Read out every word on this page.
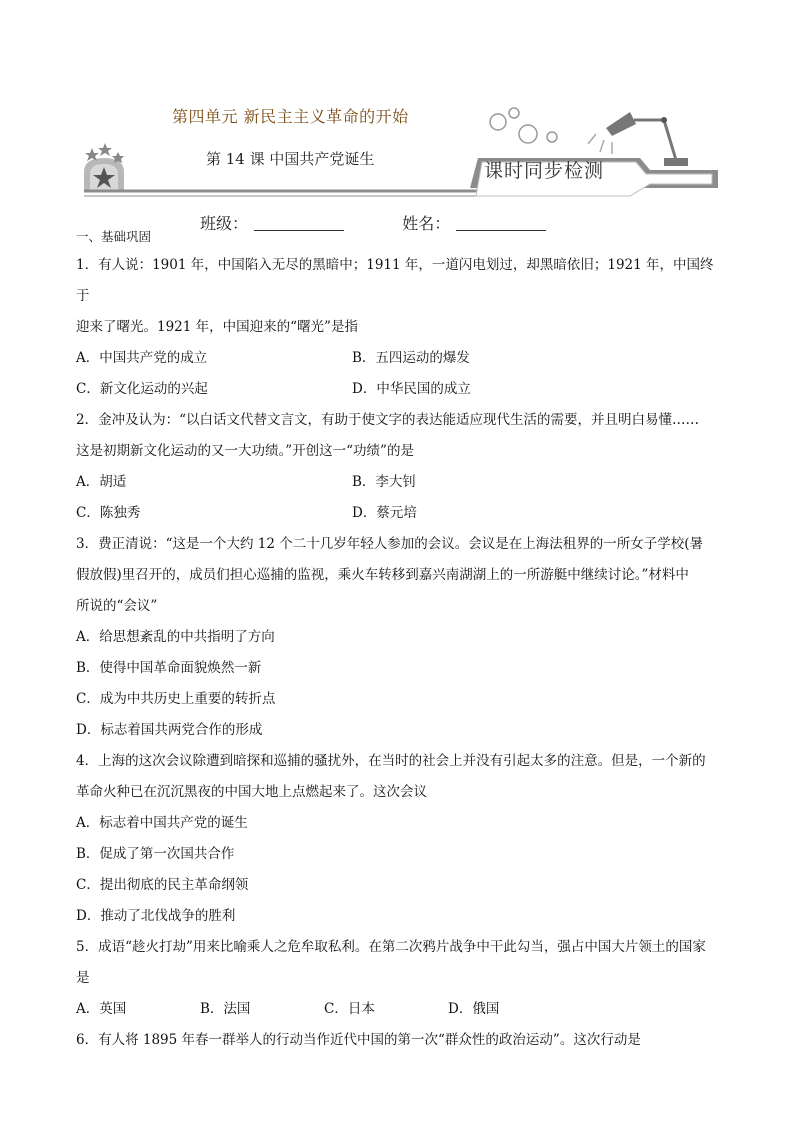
第四单元 新民主主义革命的开始
第 14 课 中国共产党诞生
课时同步检测
班级：	姓名：
一、基础巩固

1．有人说：1901 年，中国陷入无尽的黑暗中；1911 年，一道闪电划过，却黑暗依旧；1921 年，中国终于

迎来了曙光。1921 年，中国迎来的“曙光”是指

A．中国共产党的成立	B．五四运动的爆发
C．新文化运动的兴起	D．中华民国的成立

2．金冲及认为：“以白话文代替文言文，有助于使文字的表达能适应现代生活的需要，并且明白易懂……

这是初期新文化运动的又一大功绩。”开创这一“功绩”的是

A．胡适	B．李大钊
C．陈独秀	D．蔡元培

3．费正清说：“这是一个大约 12 个二十几岁年轻人参加的会议。会议是在上海法租界的一所女子学校(暑

假放假)里召开的，成员们担心巡捕的监视，乘火车转移到嘉兴南湖湖上的一所游艇中继续讨论。”材料中

所说的“会议”

A．给思想紊乱的中共指明了方向
B．使得中国革命面貌焕然一新
C．成为中共历史上重要的转折点
D．标志着国共两党合作的形成

4．上海的这次会议除遭到暗探和巡捕的骚扰外，在当时的社会上并没有引起太多的注意。但是，一个新的

革命火种已在沉沉黑夜的中国大地上点燃起来了。这次会议

A．标志着中国共产党的诞生
B．促成了第一次国共合作
C．提出彻底的民主革命纲领
D．推动了北伐战争的胜利

5．成语“趁火打劫”用来比喻乘人之危牟取私利。在第二次鸦片战争中干此勾当，强占中国大片领土的国家

是

A．英国	B．法国	C．日本	D．俄国

6．有人将 1895 年春一群举人的行动当作近代中国的第一次“群众性的政治运动”。这次行动是
